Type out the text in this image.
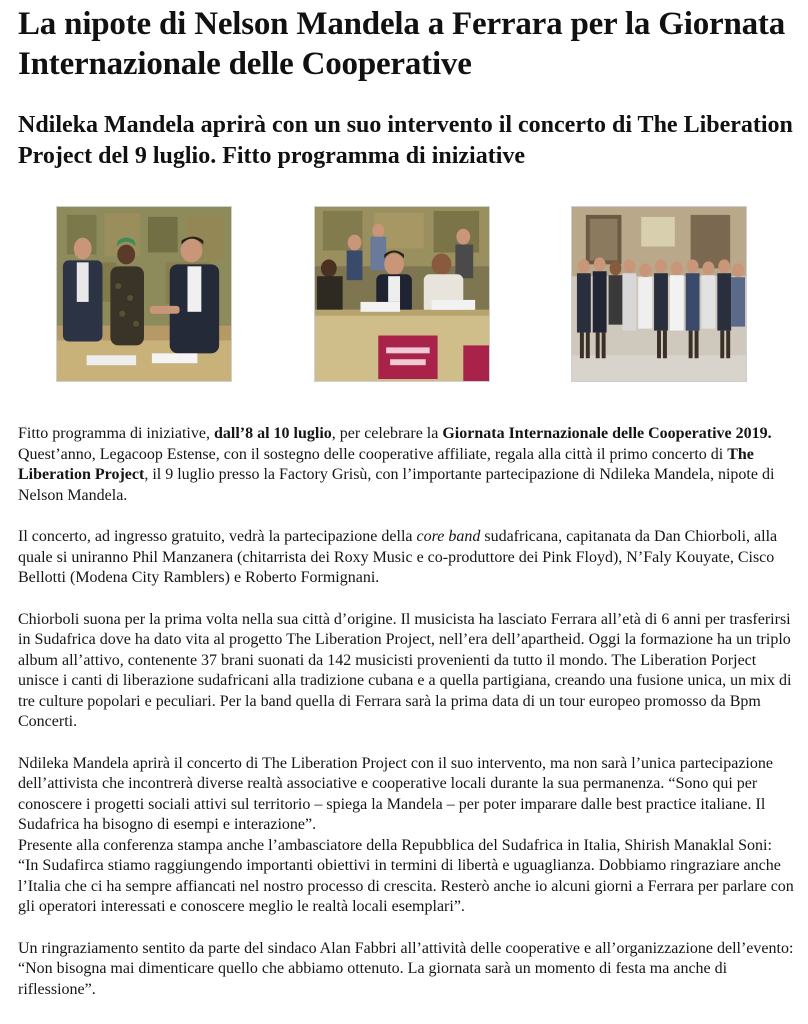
La nipote di Nelson Mandela a Ferrara per la Giornata Internazionale delle Cooperative
Ndileka Mandela aprirà con un suo intervento il concerto di The Liberation Project del 9 luglio. Fitto programma di iniziative

Fitto programma di iniziative, dall’8 al 10 luglio, per celebrare la Giornata Internazionale delle Cooperative 2019. Quest’anno, Legacoop Estense, con il sostegno delle cooperative affiliate, regala alla città il primo concerto di The Liberation Project, il 9 luglio presso la Factory Grisù, con l’importante partecipazione di Ndileka Mandela, nipote di Nelson Mandela.

Il concerto, ad ingresso gratuito, vedrà la partecipazione della core band sudafricana, capitanata da Dan Chiorboli, alla quale si uniranno Phil Manzanera (chitarrista dei Roxy Music e co-produttore dei Pink Floyd), N’Faly Kouyate, Cisco Bellotti (Modena City Ramblers) e Roberto Formignani.

Chiorboli suona per la prima volta nella sua città d’origine. Il musicista ha lasciato Ferrara all’età di 6 anni per trasferirsi in Sudafrica dove ha dato vita al progetto The Liberation Project, nell’era dell’apartheid. Oggi la formazione ha un triplo album all’attivo, contenente 37 brani suonati da 142 musicisti provenienti da tutto il mondo. The Liberation Porject unisce i canti di liberazione sudafricani alla tradizione cubana e a quella partigiana, creando una fusione unica, un mix di tre culture popolari e peculiari. Per la band quella di Ferrara sarà la prima data di un tour europeo promosso da Bpm Concerti.

Ndileka Mandela aprirà il concerto di The Liberation Project con il suo intervento, ma non sarà l’unica partecipazione dell’attivista che incontrerà diverse realtà associative e cooperative locali durante la sua permanenza. “Sono qui per conoscere i progetti sociali attivi sul territorio – spiega la Mandela – per poter imparare dalle best practice italiane. Il Sudafrica ha bisogno di esempi e interazione”.

Presente alla conferenza stampa anche l’ambasciatore della Repubblica del Sudafrica in Italia, Shirish Manaklal Soni: “In Sudafirca stiamo raggiungendo importanti obiettivi in termini di libertà e uguaglianza. Dobbiamo ringraziare anche l’Italia che ci ha sempre affiancati nel nostro processo di crescita. Resterò anche io alcuni giorni a Ferrara per parlare con gli operatori interessati e conoscere meglio le realtà locali esemplari”.

Un ringraziamento sentito da parte del sindaco Alan Fabbri all’attività delle cooperative e all’organizzazione dell’evento: “Non bisogna mai dimenticare quello che abbiamo ottenuto. La giornata sarà un momento di festa ma anche di riflessione”.
